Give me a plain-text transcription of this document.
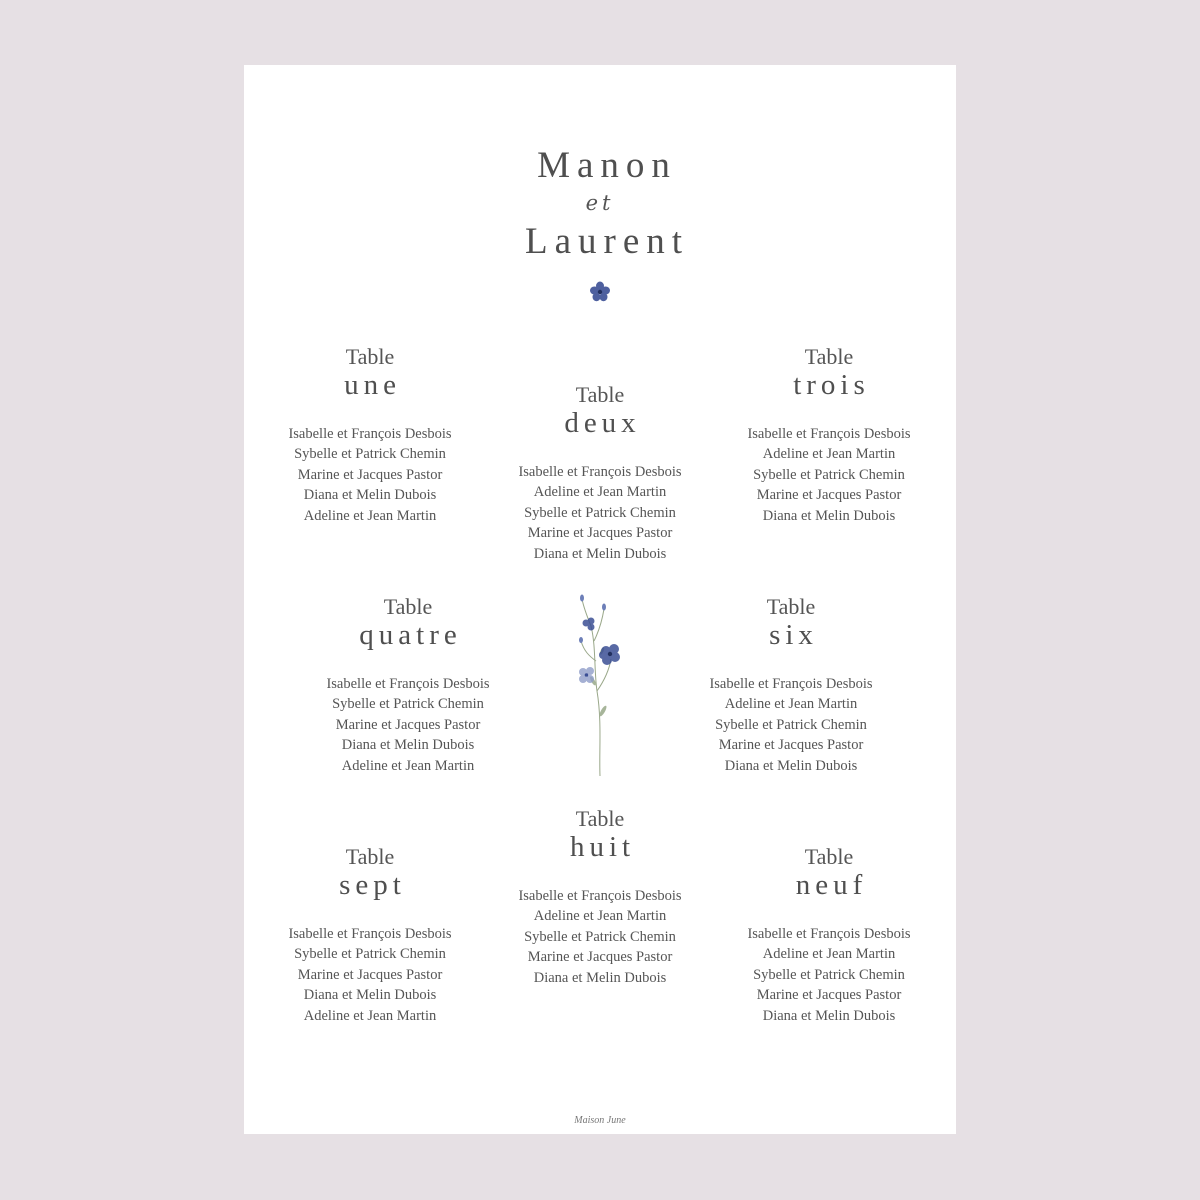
Manon
et
Laurent
Table
une
Isabelle et François Desbois
Sybelle et Patrick Chemin
Marine et Jacques Pastor
Diana et Melin Dubois
Adeline et Jean Martin
Table
deux
Isabelle et François Desbois
Adeline et Jean Martin
Sybelle et Patrick Chemin
Marine et Jacques Pastor
Diana et Melin Dubois
Table
trois
Isabelle et François Desbois
Adeline et Jean Martin
Sybelle et Patrick Chemin
Marine et Jacques Pastor
Diana et Melin Dubois
Table
quatre
Isabelle et François Desbois
Sybelle et Patrick Chemin
Marine et Jacques Pastor
Diana et Melin Dubois
Adeline et Jean Martin
Table
six
Isabelle et François Desbois
Adeline et Jean Martin
Sybelle et Patrick Chemin
Marine et Jacques Pastor
Diana et Melin Dubois
Table
sept
Isabelle et François Desbois
Sybelle et Patrick Chemin
Marine et Jacques Pastor
Diana et Melin Dubois
Adeline et Jean Martin
Table
huit
Isabelle et François Desbois
Adeline et Jean Martin
Sybelle et Patrick Chemin
Marine et Jacques Pastor
Diana et Melin Dubois
Table
neuf
Isabelle et François Desbois
Adeline et Jean Martin
Sybelle et Patrick Chemin
Marine et Jacques Pastor
Diana et Melin Dubois
Maison June
